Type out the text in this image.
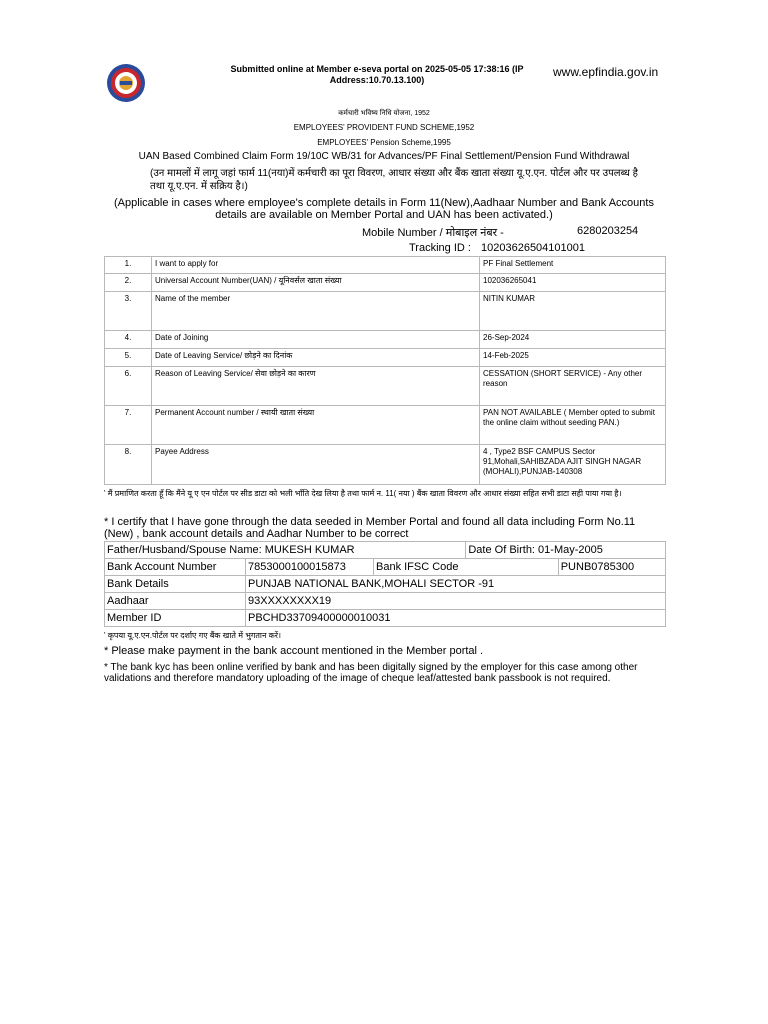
Submitted online at Member e-seva portal on 2025-05-05 17:38:16 (IP Address:10.70.13.100)
www.epfindia.gov.in
कर्मचारी भविष्य निधि योजना, 1952
EMPLOYEES' PROVIDENT FUND SCHEME,1952
EMPLOYEES' Pension Scheme,1995
UAN Based Combined Claim Form 19/10C WB/31 for Advances/PF Final Settlement/Pension Fund Withdrawal
(उन मामलों में लागू जहां फार्म 11(नया)में कर्मचारी का पूरा विवरण, आधार संख्या और बैंक खाता संख्या यू.ए.एन. पोर्टल और पर उपलब्ध है तथा यू.ए.एन. में सक्रिय है।)
(Applicable in cases where employee's complete details in Form 11(New),Aadhaar Number and Bank Accounts details are available on Member Portal and UAN has been activated.)
Mobile Number / मोबाइल नंबर -	6280203254
Tracking ID : 10203626504101001
1.	I want to apply for	PF Final Settlement
2.	Universal Account Number(UAN) / यूनिवर्सल खाता संख्या	102036265041
3.	Name of the member	NITIN KUMAR
4.	Date of Joining	26-Sep-2024
5.	Date of Leaving Service/ छोड़ने का दिनांक	14-Feb-2025
6.	Reason of Leaving Service/ सेवा छोड़ने का कारण	CESSATION (SHORT SERVICE) - Any other reason
7.	Permanent Account number / स्थायी खाता संख्या	PAN NOT AVAILABLE ( Member opted to submit the online claim without seeding PAN.)
8.	Payee Address	4 , Type2 BSF CAMPUS Sector 91,Mohali,SAHIBZADA AJIT SINGH NAGAR (MOHALI),PUNJAB-140308
' मैं प्रमाणित करता हूँ कि मैंने यू ए एन पोर्टल पर सीड डाटा को भली भाँति देख लिया है तथा फार्म न. 11( नया ) बैंक खाता विवरण और आधार संख्या सहित सभी डाटा सही पाया गया है।
* I certify that I have gone through the data seeded in Member Portal and found all data including Form No.11 (New) , bank account details and Aadhar Number to be correct
Father/Husband/Spouse Name: MUKESH KUMAR			Date Of Birth: 01-May-2005	
Bank Account Number	7853000100015873	Bank IFSC Code		PUNB0785300
Bank Details	PUNJAB NATIONAL BANK,MOHALI SECTOR -91			
Aadhaar	93XXXXXXXX19			
Member ID	PBCHD33709400000010031			
' कृपया यू.ए.एन.पोर्टल पर दर्शाए गए बैंक खाते में भुगतान करें।
* Please make payment in the bank account mentioned in the Member portal .
* The bank kyc has been online verified by bank and has been digitally signed by the employer for this case among other validations and therefore mandatory uploading of the image of cheque leaf/attested bank passbook is not required.
